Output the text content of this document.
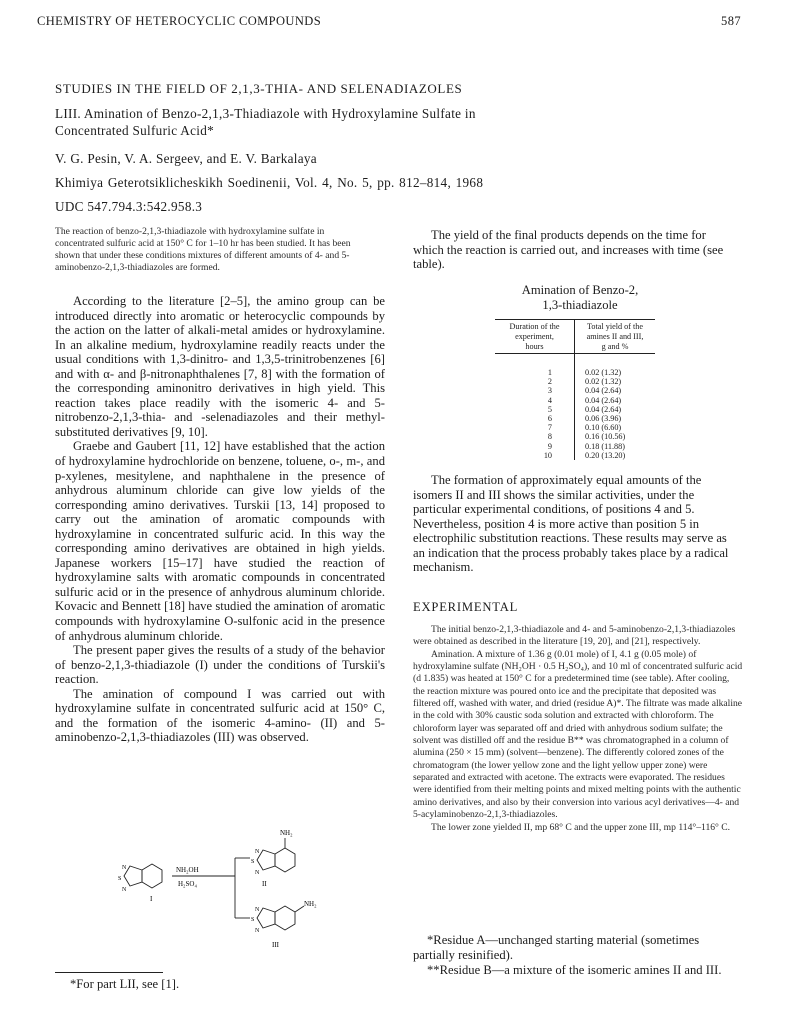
CHEMISTRY OF HETEROCYCLIC COMPOUNDS	587
STUDIES IN THE FIELD OF 2,1,3-THIA- AND SELENADIAZOLES
LIII. Amination of Benzo-2,1,3-Thiadiazole with Hydroxylamine Sulfate in
Concentrated Sulfuric Acid*
V. G. Pesin, V. A. Sergeev, and E. V. Barkalaya
Khimiya Geterotsiklicheskikh Soedinenii, Vol. 4, No. 5, pp. 812–814, 1968
UDC 547.794.3:542.958.3
The reaction of benzo-2,1,3-thiadiazole with hydroxylamine sulfate in concentrated sulfuric acid at 150° C for 1–10 hr has been studied. It has been shown that under these conditions mixtures of different amounts of 4- and 5-aminobenzo-2,1,3-thiadiazoles are formed.

According to the literature [2–5], the amino group can be introduced directly into aromatic or heterocyclic compounds by the action on the latter of alkali-metal amides or hydroxylamine. In an alkaline medium, hydroxylamine readily reacts under the usual conditions with 1,3-dinitro- and 1,3,5-trinitrobenzenes [6] and with α- and β-nitronaphthalenes [7, 8] with the formation of the corresponding aminonitro derivatives in high yield. This reaction takes place readily with the isomeric 4- and 5-nitrobenzo-2,1,3-thia- and -selenadiazoles and their methyl-substituted derivatives [9, 10].

Graebe and Gaubert [11, 12] have established that the action of hydroxylamine hydrochloride on benzene, toluene, o-, m-, and p-xylenes, mesitylene, and naphthalene in the presence of anhydrous aluminum chloride can give low yields of the corresponding amino derivatives. Turskii [13, 14] proposed to carry out the amination of aromatic compounds with hydroxylamine in concentrated sulfuric acid. In this way the corresponding amino derivatives are obtained in high yields. Japanese workers [15–17] have studied the reaction of hydroxylamine salts with aromatic compounds in concentrated sulfuric acid or in the presence of anhydrous aluminum chloride. Kovacic and Bennett [18] have studied the amination of aromatic compounds with hydroxylamine O-sulfonic acid in the presence of anhydrous aluminum chloride.

The present paper gives the results of a study of the behavior of benzo-2,1,3-thiadiazole (I) under the conditions of Turskii's reaction.

The amination of compound I was carried out with hydroxylamine sulfate in concentrated sulfuric acid at 150° C, and the formation of the isomeric 4-amino- (II) and 5-aminobenzo-2,1,3-thiadiazoles (III) was observed.

N
S
N
I
NH₂OH
H₂SO₄
NH₂
N
S
N
II
NH₂
N
S
N
III
*For part LII, see [1].

The yield of the final products depends on the time for which the reaction is carried out, and increases with time (see table).

Amination of Benzo-2,
1,3-thiadiazole
Duration of the
experiment,
hours
Total yield of the
amines II and III,
g and %
1
2
3
4
5
6
7
8
9
10
0.02 (1.32)
0.02 (1.32)
0.04 (2.64)
0.04 (2.64)
0.04 (2.64)
0.06 (3.96)
0.10 (6.60)
0.16 (10.56)
0.18 (11.88)
0.20 (13.20)

The formation of approximately equal amounts of the isomers II and III shows the similar activities, under the particular experimental conditions, of positions 4 and 5. Nevertheless, position 4 is more active than position 5 in electrophilic substitution reactions. These results may serve as an indication that the process probably takes place by a radical mechanism.

EXPERIMENTAL

The initial benzo-2,1,3-thiadiazole and 4- and 5-aminobenzo-2,1,3-thiadiazoles were obtained as described in the literature [19, 20], and [21], respectively.

Amination. A mixture of 1.36 g (0.01 mole) of I, 4.1 g (0.05 mole) of hydroxylamine sulfate (NH₂OH · 0.5 H₂SO₄), and 10 ml of concentrated sulfuric acid (d 1.835) was heated at 150° C for a predetermined time (see table). After cooling, the reaction mixture was poured onto ice and the precipitate that deposited was filtered off, washed with water, and dried (residue A)*. The filtrate was made alkaline in the cold with 30% caustic soda solution and extracted with chloroform. The chloroform layer was separated off and dried with anhydrous sodium sulfate; the solvent was distilled off and the residue B** was chromatographed in a column of alumina (250 × 15 mm) (solvent—benzene). The differently colored zones of the chromatogram (the lower yellow zone and the light yellow upper zone) were separated and extracted with acetone. The extracts were evaporated. The residues were identified from their melting points and mixed melting points with the authentic amino derivatives, and also by their conversion into various acyl derivatives—4- and 5-acylaminobenzo-2,1,3-thiadiazoles.

The lower zone yielded II, mp 68° C and the upper zone III, mp 114°–116° C.

*Residue A—unchanged starting material (sometimes partially resinified).

**Residue B—a mixture of the isomeric amines II and III.
